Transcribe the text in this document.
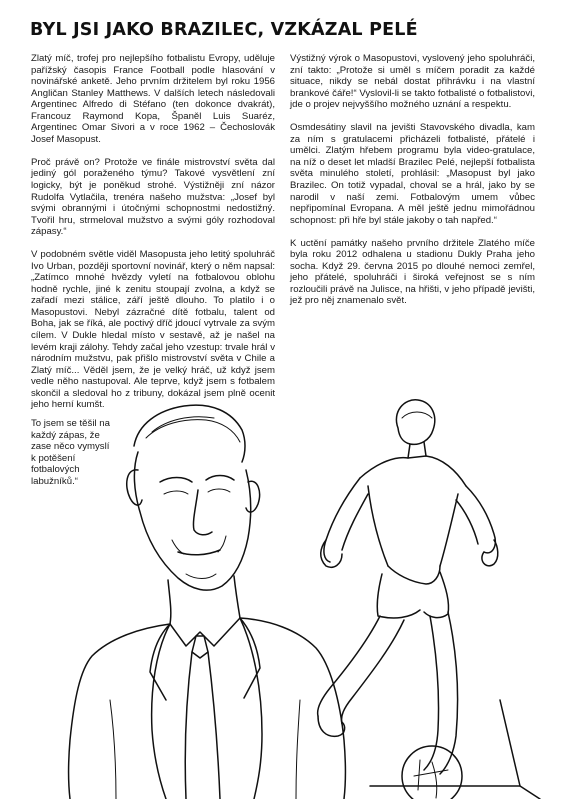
BYL JSI JAKO BRAZILEC, VZKÁZAL PELÉ

Zlatý míč, trofej pro nejlepšího fotbalistu Evropy, uděluje pařížský časopis France Football podle hlasování v novinářské anketě. Jeho prvním držitelem byl roku 1956 Angličan Stanley Matthews. V dalších letech následovali Argentinec Alfredo di Stéfano (ten dokonce dvakrát), Francouz Raymond Kopa, Španěl Luis Suaréz, Argentinec Omar Sivori a v roce 1962 – Čechoslovák Josef Masopust.

Proč právě on? Protože ve finále mistrovství světa dal jediný gól poraženého týmu? Takové vysvětlení zní logicky, být je poněkud strohé. Výstižněji zní názor Rudolfa Vytlačila, trenéra našeho mužstva: „Josef byl svými obrannými i útočnými schopnostmi nedostižný. Tvořil hru, strmeloval mužstvo a svými góly rozhodoval zápasy.“

V podobném světle viděl Masopusta jeho letitý spoluhráč Ivo Urban, později sportovní novinář, který o něm napsal: „Zatímco mnohé hvězdy vyletí na fotbalovou oblohu hodně rychle, jiné k zenitu stoupají zvolna, a když se zařadí mezi stálice, září ještě dlouho. To platilo i o Masopustovi. Nebyl zázračné dítě fotbalu, talent od Boha, jak se říká, ale poctivý dříč jdoucí vytrvale za svým cílem. V Dukle hledal místo v sestavě, až je našel na levém kraji zálohy. Tehdy začal jeho vzestup: trvale hrál v národním mužstvu, pak přišlo mistrovství světa v Chile a Zlatý míč... Věděl jsem, že je velký hráč, už když jsem vedle něho nastupoval. Ale teprve, když jsem s fotbalem skončil a sledoval ho z tribuny, dokázal jsem plně ocenit jeho herní kumšt.

To jsem se těšil na každý zápas, že zase něco vymyslí k potěšení fotbalových labužníků.“

Výstižný výrok o Masopustovi, vyslovený jeho spoluhráči, zní takto: „Protože si uměl s míčem poradit za každé situace, nikdy se nebál dostat přihrávku i na vlastní brankové čáře!“ Vyslovil-li se takto fotbalisté o fotbalistovi, jde o projev nejvyššího možného uznání a respektu.

Osmdesátiny slavil na jevišti Stavovského divadla, kam za ním s gratulacemi přicházeli fotbalisté, přátelé i umělci. Zlatým hřebem programu byla video-gratulace, na níž o deset let mladší Brazilec Pelé, nejlepší fotbalista světa minulého století, prohlásil: „Masopust byl jako Brazilec. On totiž vypadal, choval se a hrál, jako by se narodil v naší zemi. Fotbalovým umem vůbec nepřipomínal Evropana. A měl ještě jednu mimořádnou schopnost: při hře byl stále jakoby o tah napřed.“

K uctění památky našeho prvního držitele Zlatého míče byla roku 2012 odhalena u stadionu Dukly Praha jeho socha. Když 29. června 2015 po dlouhé nemoci zemřel, jeho přátelé, spoluhráči i široká veřejnost se s ním rozloučili právě na Julisce, na hřišti, v jeho případě jevišti, jež pro něj znamenalo svět.
